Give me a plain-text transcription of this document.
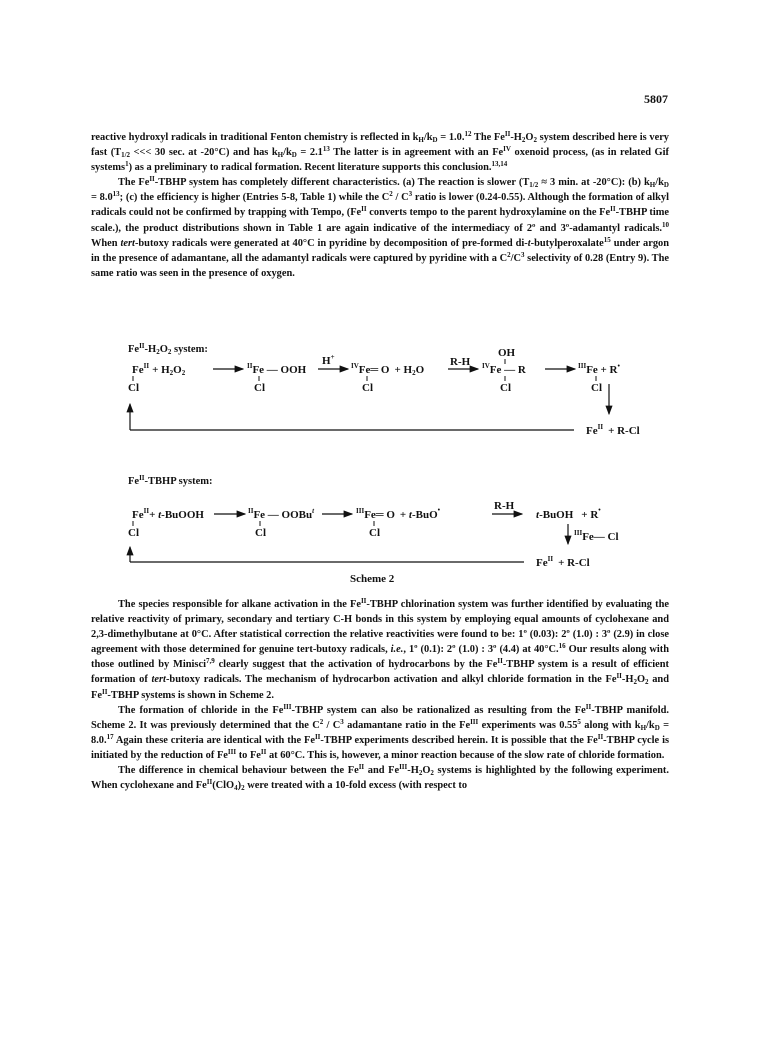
5807

reactive hydroxyl radicals in traditional Fenton chemistry is reflected in $k_H/k_D = 1.0.12$ The $Fe^{II}-H_2O_2$ system described here is very fast ($T_{1/2}$ <<< 30 sec. at -20°C) and has $k_H/k_D = 2.1^{13}$ The latter is in agreement with an $Fe^{IV}$ oxenoid process, (as in related Gif systems$^1$) as a preliminary to radical formation. Recent literature supports this conclusion.$^{13,14}$

The $Fe^{II}$-TBHP system has completely different characteristics. (a) The reaction is slower ($T_{1/2} \approx 3$ min. at -20°C): (b) $k_H/k_D = 8.0^{13}$; (c) the efficiency is higher (Entries 5-8, Table 1) while the $C^2 / C^3$ ratio is lower (0.24-0.55). Although the formation of alkyl radicals could not be confirmed by trapping with Tempo, ($Fe^{II}$ converts tempo to the parent hydroxylamine on the $Fe^{II}$-TBHP time scale.), the product distributions shown in Table 1 are again indicative of the intermediacy of 2º and 3º-adamantyl radicals.$^{10}$ When tert-butoxy radicals were generated at 40°C in pyridine by decomposition of pre-formed di-t-butylperoxalate$^{15}$ under argon in the presence of adamantane, all the adamantyl radicals were captured by pyridine with a $C^2/C^3$ selectivity of 0.28 (Entry 9). The same ratio was seen in the presence of oxygen.

$Fe^{II}-H2O2$ system:
$Fe^{II} + H2O2$
Cl
$^{II}$Fe — OOH
Cl
H+
$^{IV}$Fe═ O + H2O
Cl
R-H
OH
$^{IV}$Fe — R
Cl
$^{III}$Fe + R•
Cl
$Fe^{II} + R-Cl$
$Fe^{II}$-TBHP system:
$Fe^{II}+$ t-BuOOH
Cl
$^{II}$Fe — OOBu$^t$
Cl
$^{III}$Fe═ O + t-BuO•
Cl
R-H
t-BuOH + R•
$^{III}$Fe— Cl
$Fe^{II} + R-Cl$
Scheme 2

The species responsible for alkane activation in the $Fe^{II}$-TBHP chlorination system was further identified by evaluating the relative reactivity of primary, secondary and tertiary C-H bonds in this system by employing equal amounts of cyclohexane and 2,3-dimethylbutane at 0°C. After statistical correction the relative reactivities were found to be: 1º (0.03): 2º (1.0) : 3º (2.9) in close agreement with those determined for genuine tert-butoxy radicals, i.e., 1º (0.1): 2º (1.0) : 3º (4.4) at 40°C.$^{16}$ Our results along with those outlined by Minisci$^{7,9}$ clearly suggest that the activation of hydrocarbons by the $Fe^{II}$-TBHP system is a result of efficient formation of tert-butoxy radicals. The mechanism of hydrocarbon activation and alkyl chloride formation in the $Fe^{II}-H_2O_2$ and $Fe^{II}$-TBHP systems is shown in Scheme 2.

The formation of chloride in the $Fe^{III}$-TBHP system can also be rationalized as resulting from the $Fe^{II}$-TBHP manifold. Scheme 2. It was previously determined that the $C^2 / C^3$ adamantane ratio in the $Fe^{III}$ experiments was 0.55$^5$ along with $k_H/k_D = 8.0.17$ Again these criteria are identical with the $Fe^{II}$-TBHP experiments described herein. It is possible that the $Fe^{II}$-TBHP cycle is initiated by the reduction of $Fe^{III}$ to $Fe^{II}$ at 60°C. This is, however, a minor reaction because of the slow rate of chloride formation.

The difference in chemical behaviour between the $Fe^{II}$ and $Fe^{III}-H_2O_2$ systems is highlighted by the following experiment. When cyclohexane and $Fe^{II}(ClO_4)_2$ were treated with a 10-fold excess (with respect to
